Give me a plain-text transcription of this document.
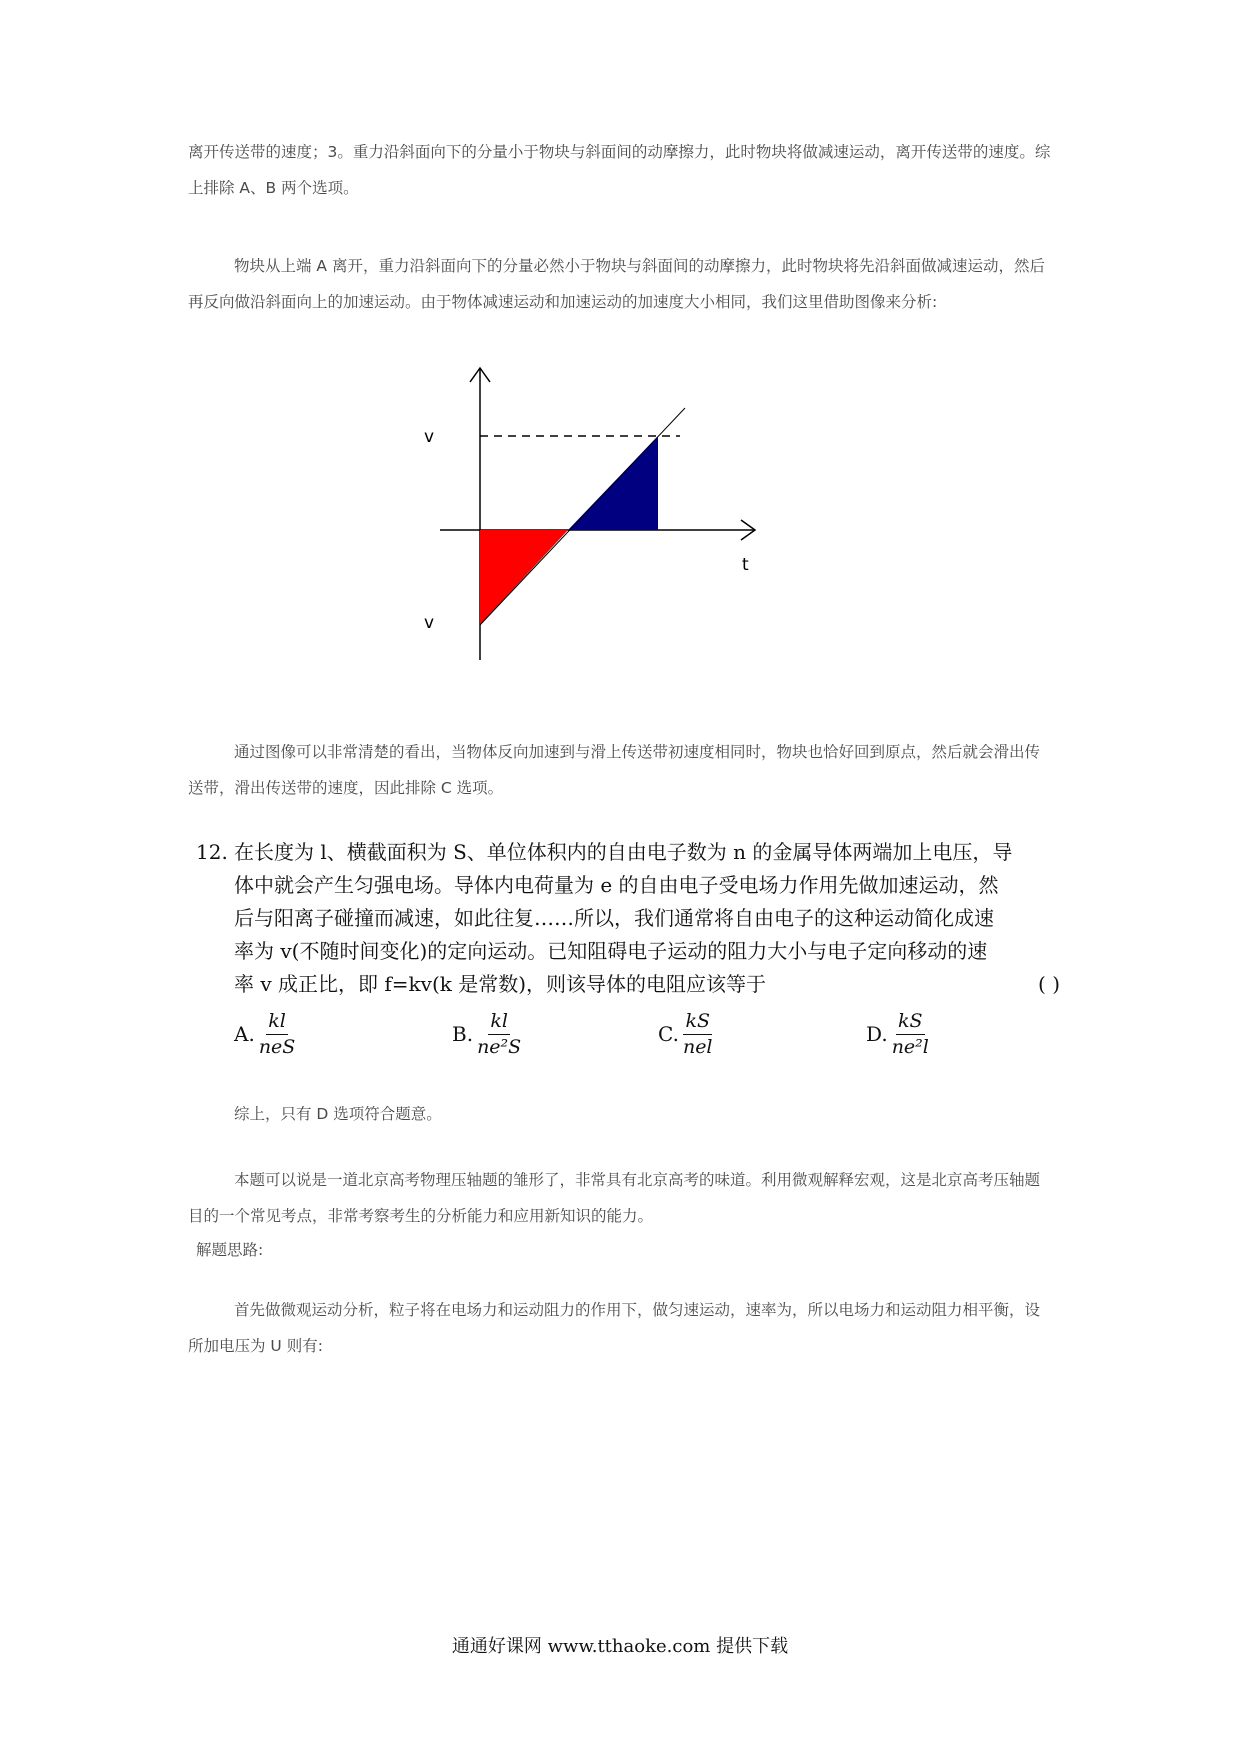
离开传送带的速度；3。重力沿斜面向下的分量小于物块与斜面间的动摩擦力，此时物块将做减速运动，离开传送带的速度。综
上排除 A、B 两个选项。

物块从上端 A 离开，重力沿斜面向下的分量必然小于物块与斜面间的动摩擦力，此时物块将先沿斜面做减速运动，然后再反向做沿斜面向上的加速运动。由于物体减速运动和加速运动的加速度大小相同，我们这里借助图像来分析:

v
v
t

通过图像可以非常清楚的看出，当物体反向加速到与滑上传送带初速度相同时，物块也恰好回到原点，然后就会滑出传送带，滑出传送带的速度，因此排除 C 选项。

12. 在长度为 l、横截面积为 S、单位体积内的自由电子数为 n 的金属导体两端加上电压，导
体中就会产生匀强电场。导体内电荷量为 e 的自由电子受电场力作用先做加速运动，然
后与阳离子碰撞而减速，如此往复……所以，我们通常将自由电子的这种运动简化成速
率为 v(不随时间变化)的定向运动。已知阻碍电子运动的阻力大小与电子定向移动的速
率 v 成正比，即 f=kv(k 是常数)，则该导体的电阻应该等于	( )

A. $\frac{kl}{\text{neS}}$	B. $\frac{kl}{\text{ne²S}}$	C. $\frac{kS}{\text{nel}}$	D. $\frac{kS}{\text{ne²l}}$

综上，只有 D 选项符合题意。

本题可以说是一道北京高考物理压轴题的雏形了，非常具有北京高考的味道。利用微观解释宏观，这是北京高考压轴题目的一个常见考点，非常考察考生的分析能力和应用新知识的能力。

解题思路:

首先做微观运动分析，粒子将在电场力和运动阻力的作用下，做匀速运动，速率为，所以电场力和运动阻力相平衡，设所加电压为 U 则有:

通通好课网 www.tthaoke.com 提供下载
